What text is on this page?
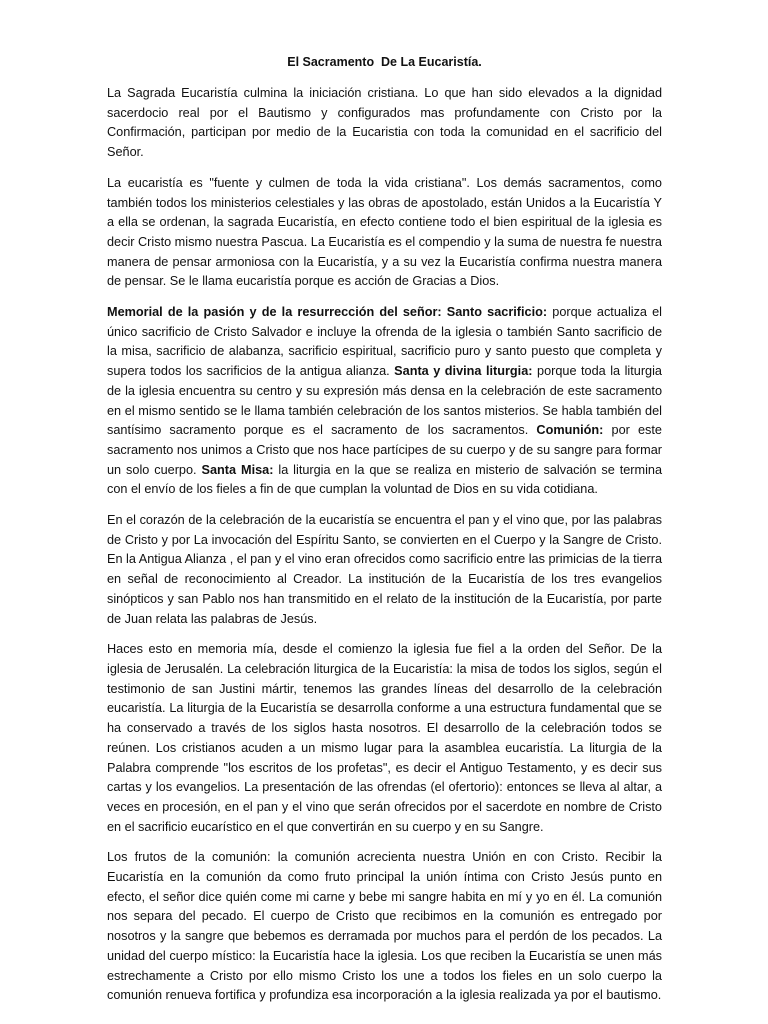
El Sacramento  De La Eucaristía.

La Sagrada Eucaristía culmina la iniciación cristiana. Lo que han sido elevados a la dignidad sacerdocio real por el Bautismo y configurados mas profundamente con Cristo por la Confirmación, participan por medio de la Eucaristia con toda la comunidad en el sacrificio del Señor.

La eucaristía es "fuente y culmen de toda la vida cristiana". Los demás sacramentos, como también todos los ministerios celestiales y las obras de apostolado, están Unidos a la Eucaristía Y a ella se ordenan, la sagrada Eucaristía, en efecto contiene todo el bien espiritual de la iglesia es decir Cristo mismo nuestra Pascua. La Eucaristía es el compendio y la suma de nuestra fe nuestra manera de pensar armoniosa con la Eucaristía, y a su vez la Eucaristía confirma nuestra manera de pensar. Se le llama eucaristía porque es acción de Gracias a Dios.

Memorial de la pasión y de la resurrección del señor: Santo sacrificio: porque actualiza el único sacrificio de Cristo Salvador e incluye la ofrenda de la iglesia o también Santo sacrificio de la misa, sacrificio de alabanza, sacrificio espiritual, sacrificio puro y santo puesto que completa y supera todos los sacrificios de la antigua alianza. Santa y divina liturgia: porque toda la liturgia de la iglesia encuentra su centro y su expresión más densa en la celebración de este sacramento en el mismo sentido se le llama también celebración de los santos misterios. Se habla también del santísimo sacramento porque es el sacramento de los sacramentos. Comunión: por este sacramento nos unimos a Cristo que nos hace partícipes de su cuerpo y de su sangre para formar un solo cuerpo. Santa Misa: la liturgia en la que se realiza en misterio de salvación se termina con el envío de los fieles a fin de que cumplan la voluntad de Dios en su vida cotidiana.

En el corazón de la celebración de la eucaristía se encuentra el pan y el vino que, por las palabras de Cristo y por La invocación del Espíritu Santo, se convierten en el Cuerpo y la Sangre de Cristo. En la Antigua Alianza , el pan y el vino eran ofrecidos como sacrificio entre las primicias de la tierra en señal de reconocimiento al Creador. La institución de la Eucaristía de los tres evangelios sinópticos y san Pablo nos han transmitido en el relato de la institución de la Eucaristía, por parte de Juan relata las palabras de Jesús.

Haces esto en memoria mía, desde el comienzo la iglesia fue fiel a la orden del Señor. De la iglesia de Jerusalén. La celebración liturgica de la Eucaristía: la misa de todos los siglos, según el testimonio de san Justini mártir, tenemos las grandes líneas del desarrollo de la celebración eucaristía. La liturgia de la Eucaristía se desarrolla conforme a una estructura fundamental que se ha conservado a través de los siglos hasta nosotros. El desarrollo de la celebración todos se reúnen. Los cristianos acuden a un mismo lugar para la asamblea eucaristía. La liturgia de la Palabra comprende "los escritos de los profetas", es decir el Antiguo Testamento, y es decir sus cartas y los evangelios. La presentación de las ofrendas (el ofertorio): entonces se lleva al altar, a veces en procesión, en el pan y el vino que serán ofrecidos por el sacerdote en nombre de Cristo en el sacrificio eucarístico en el que convertirán en su cuerpo y en su Sangre.

Los frutos de la comunión: la comunión acrecienta nuestra Unión en con Cristo. Recibir la Eucaristía en la comunión da como fruto principal la unión íntima con Cristo Jesús punto en efecto, el señor dice quién come mi carne y bebe mi sangre habita en mí y yo en él. La comunión nos separa del pecado. El cuerpo de Cristo que recibimos en la comunión es entregado por nosotros y la sangre que bebemos es derramada por muchos para el perdón de los pecados. La unidad del cuerpo místico: la Eucaristía hace la iglesia. Los que reciben la Eucaristía se unen más estrechamente a Cristo por ello mismo Cristo los une a todos los fieles en un solo cuerpo la comunión renueva fortifica y profundiza esa incorporación a la iglesia realizada ya por el bautismo.
